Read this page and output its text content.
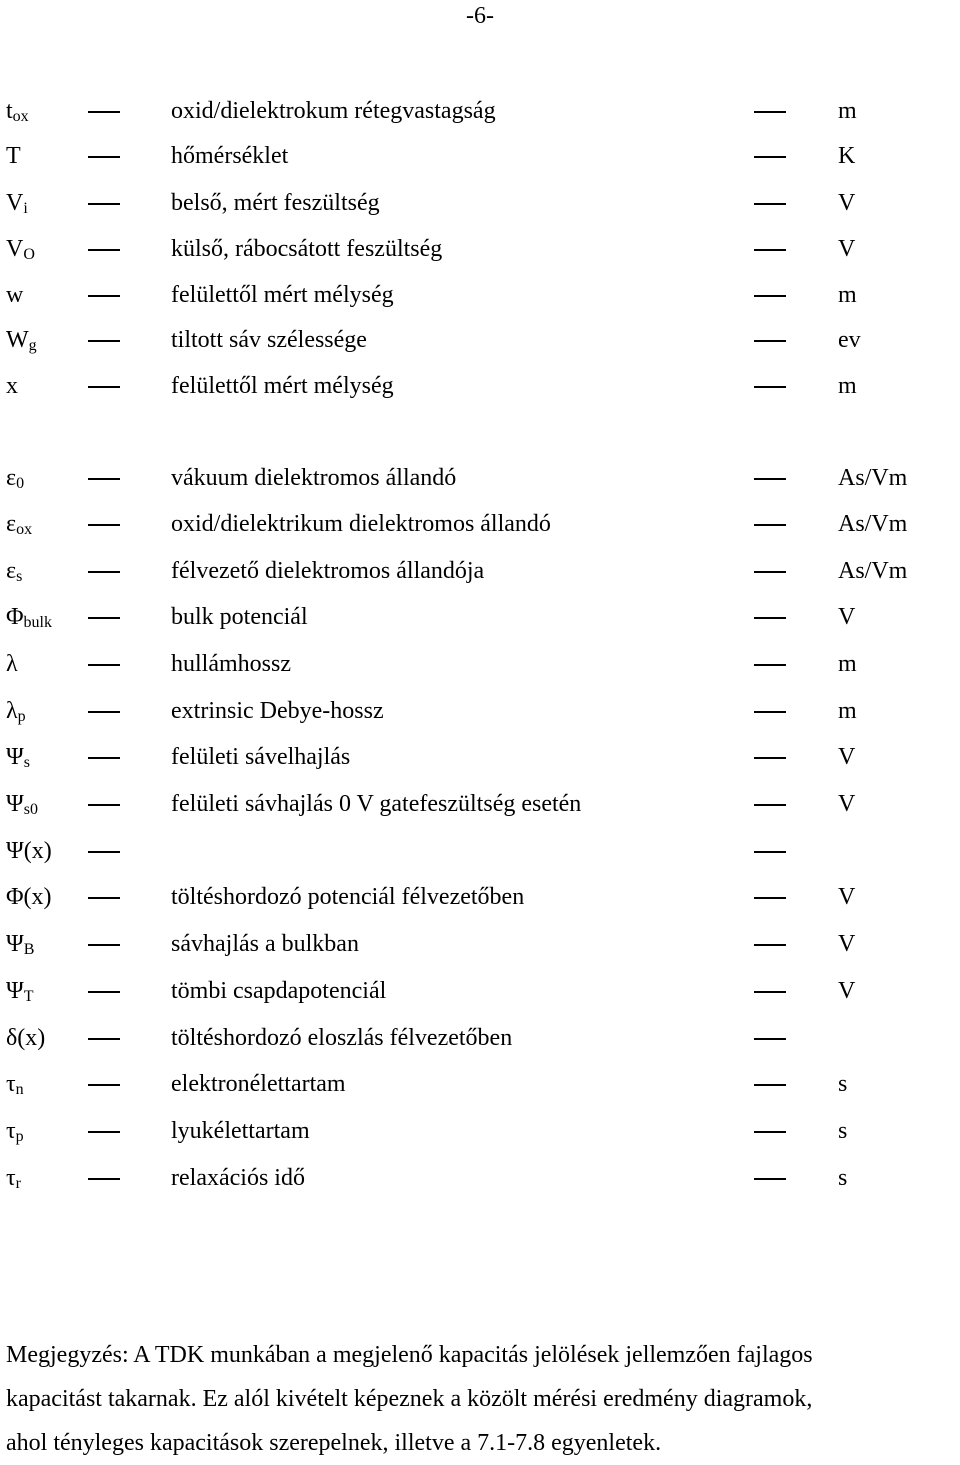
-6-
$t_{ox}$	oxid/dielektrokum rétegvastagság	m
T	hőmérséklet	K
$V_i$	belső, mért feszültség	V
$V_O$	külső, rábocsátott feszültség	V
w	felülettől mért mélység	m
$W_g$	tiltott sáv szélessége	ev
x	felülettől mért mélység	m
$\varepsilon_0$	vákuum dielektromos állandó	As/Vm
$\varepsilon_{ox}$	oxid/dielektrikum dielektromos állandó	As/Vm
$\varepsilon_s$	félvezető dielektromos állandója	As/Vm
$\Phi_{bulk}$	bulk potenciál	V
λ	hullámhossz	m
$\lambda_p$	extrinsic Debye-hossz	m
$\Psi_s$	felületi sávelhajlás	V
$\Psi_{s0}$	felületi sávhajlás 0 V gatefeszültség esetén	V
Ψ(x)
Φ(x)	töltéshordozó potenciál félvezetőben	V
$\Psi_B$	sávhajlás a bulkban	V
$\Psi_T$	tömbi csapdapotenciál	V
δ(x)	töltéshordozó eloszlás félvezetőben
$\tau_n$	elektronélettartam	s
$\tau_p$	lyukélettartam	s
$\tau_r$	relaxációs idő	s
Megjegyzés: A TDK munkában a megjelenő kapacitás jelölések jellemzően fajlagos
kapacitást takarnak. Ez alól kivételt képeznek a közölt mérési eredmény diagramok,
ahol tényleges kapacitások szerepelnek, illetve a 7.1-7.8 egyenletek.
